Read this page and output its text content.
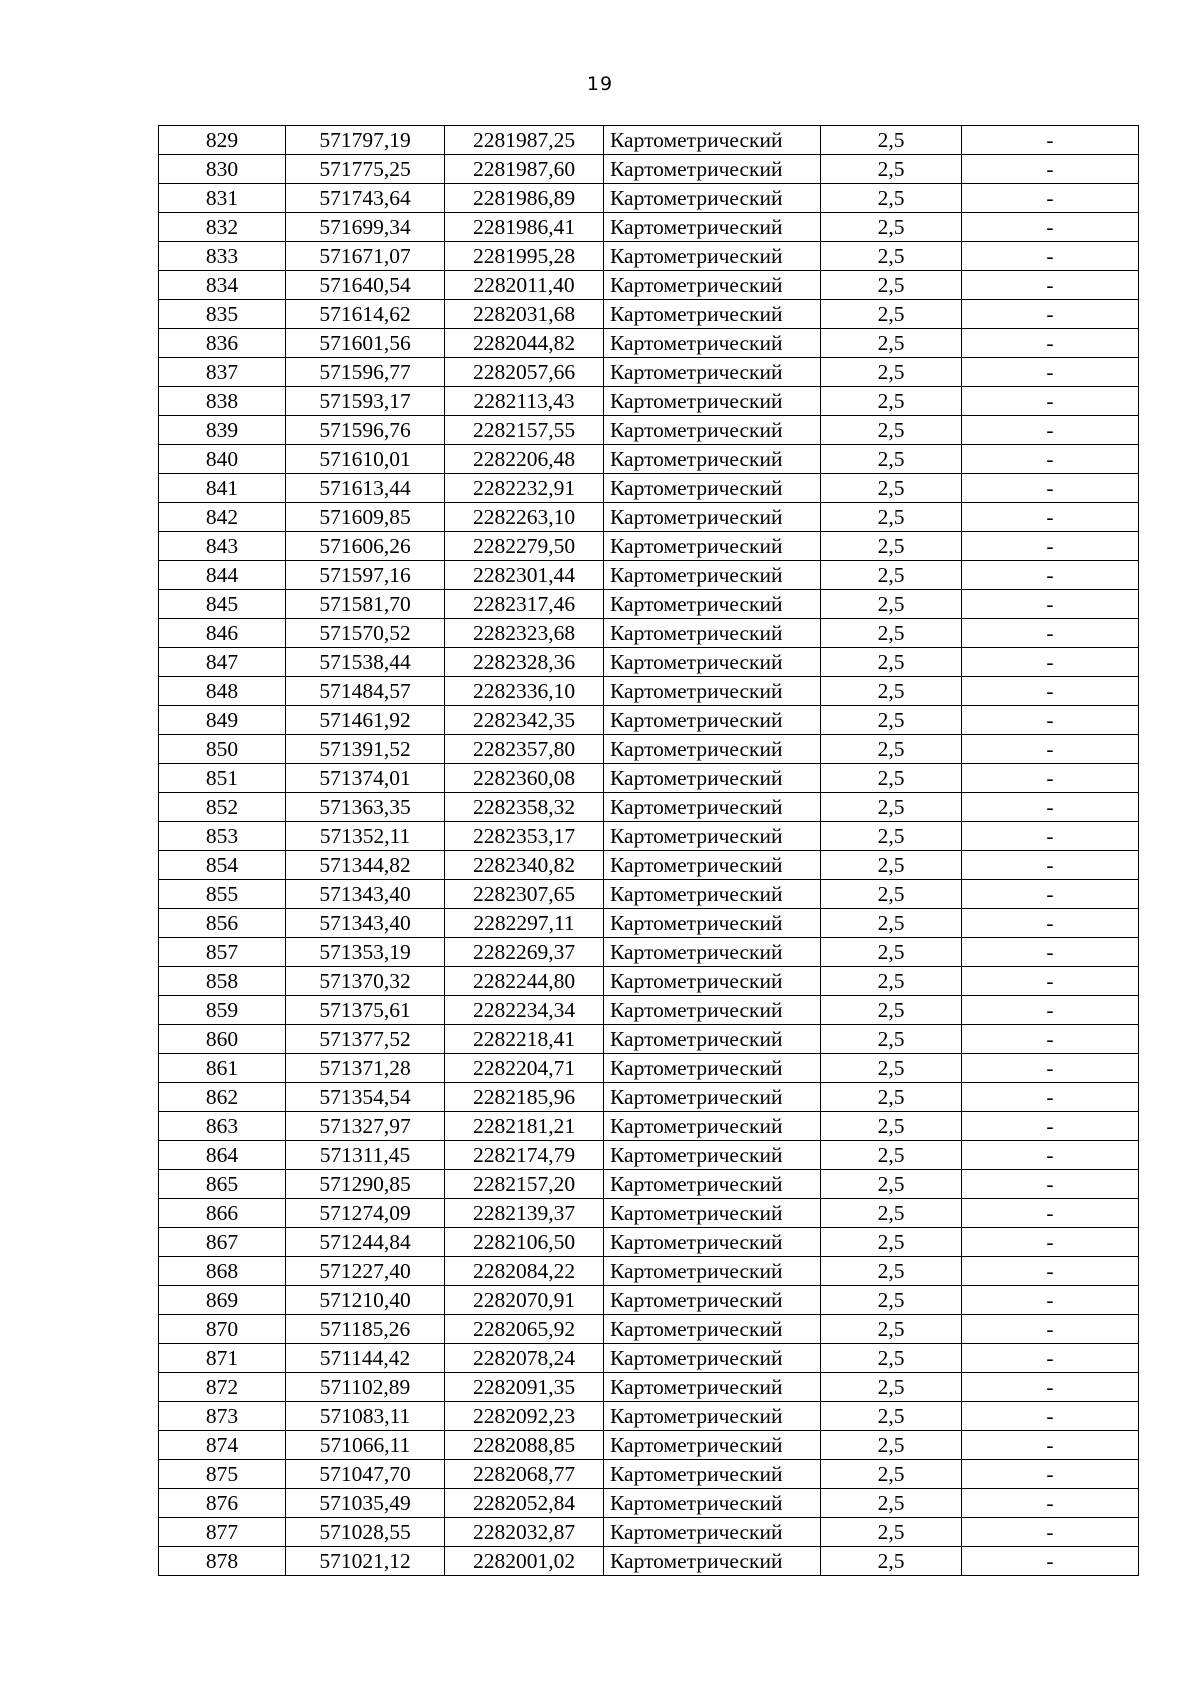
19
829	571797,19	2281987,25	Картометрический	2,5	-
830	571775,25	2281987,60	Картометрический	2,5	-
831	571743,64	2281986,89	Картометрический	2,5	-
832	571699,34	2281986,41	Картометрический	2,5	-
833	571671,07	2281995,28	Картометрический	2,5	-
834	571640,54	2282011,40	Картометрический	2,5	-
835	571614,62	2282031,68	Картометрический	2,5	-
836	571601,56	2282044,82	Картометрический	2,5	-
837	571596,77	2282057,66	Картометрический	2,5	-
838	571593,17	2282113,43	Картометрический	2,5	-
839	571596,76	2282157,55	Картометрический	2,5	-
840	571610,01	2282206,48	Картометрический	2,5	-
841	571613,44	2282232,91	Картометрический	2,5	-
842	571609,85	2282263,10	Картометрический	2,5	-
843	571606,26	2282279,50	Картометрический	2,5	-
844	571597,16	2282301,44	Картометрический	2,5	-
845	571581,70	2282317,46	Картометрический	2,5	-
846	571570,52	2282323,68	Картометрический	2,5	-
847	571538,44	2282328,36	Картометрический	2,5	-
848	571484,57	2282336,10	Картометрический	2,5	-
849	571461,92	2282342,35	Картометрический	2,5	-
850	571391,52	2282357,80	Картометрический	2,5	-
851	571374,01	2282360,08	Картометрический	2,5	-
852	571363,35	2282358,32	Картометрический	2,5	-
853	571352,11	2282353,17	Картометрический	2,5	-
854	571344,82	2282340,82	Картометрический	2,5	-
855	571343,40	2282307,65	Картометрический	2,5	-
856	571343,40	2282297,11	Картометрический	2,5	-
857	571353,19	2282269,37	Картометрический	2,5	-
858	571370,32	2282244,80	Картометрический	2,5	-
859	571375,61	2282234,34	Картометрический	2,5	-
860	571377,52	2282218,41	Картометрический	2,5	-
861	571371,28	2282204,71	Картометрический	2,5	-
862	571354,54	2282185,96	Картометрический	2,5	-
863	571327,97	2282181,21	Картометрический	2,5	-
864	571311,45	2282174,79	Картометрический	2,5	-
865	571290,85	2282157,20	Картометрический	2,5	-
866	571274,09	2282139,37	Картометрический	2,5	-
867	571244,84	2282106,50	Картометрический	2,5	-
868	571227,40	2282084,22	Картометрический	2,5	-
869	571210,40	2282070,91	Картометрический	2,5	-
870	571185,26	2282065,92	Картометрический	2,5	-
871	571144,42	2282078,24	Картометрический	2,5	-
872	571102,89	2282091,35	Картометрический	2,5	-
873	571083,11	2282092,23	Картометрический	2,5	-
874	571066,11	2282088,85	Картометрический	2,5	-
875	571047,70	2282068,77	Картометрический	2,5	-
876	571035,49	2282052,84	Картометрический	2,5	-
877	571028,55	2282032,87	Картометрический	2,5	-
878	571021,12	2282001,02	Картометрический	2,5	-
